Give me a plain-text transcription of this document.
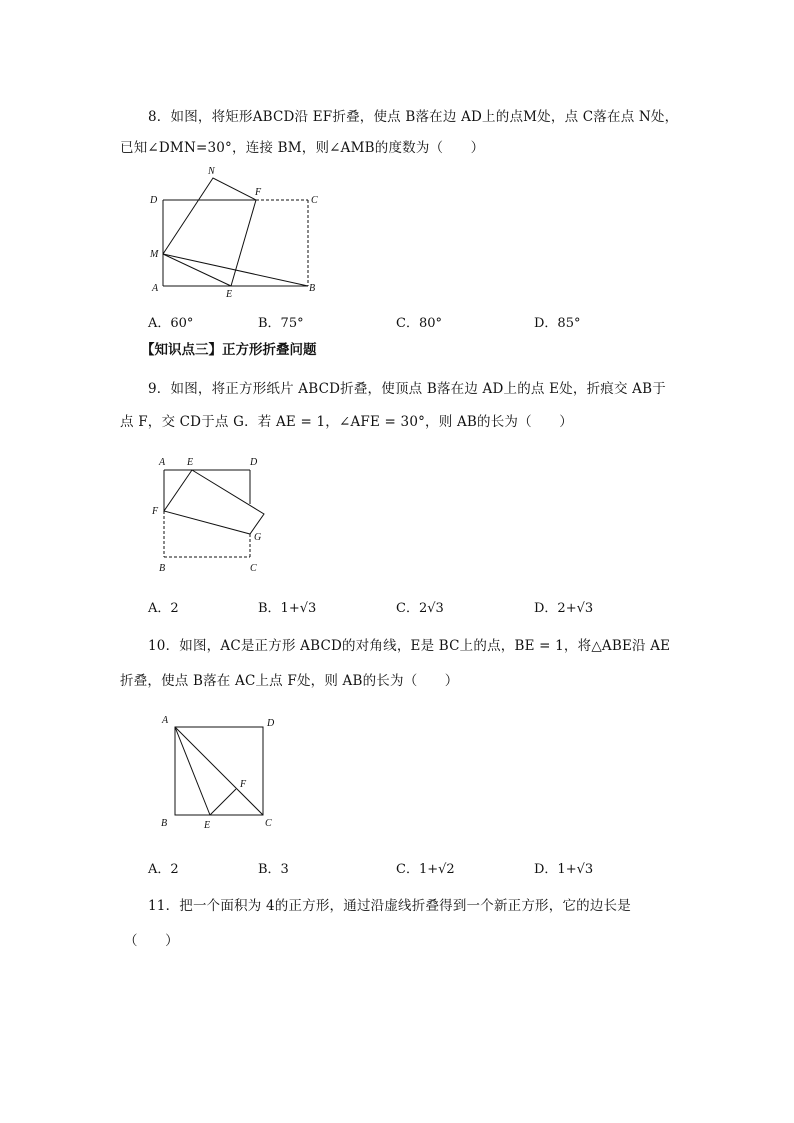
8．如图，将矩形ABCD沿 EF折叠，使点 B落在边 AD上的点M处，点 C落在点 N处，
已知∠DMN=30°，连接 BM，则∠AMB的度数为（　　）
N
F
D	C
M
A
E
B
A．60°	B．75°	C．80°	D．85°
【知识点三】正方形折叠问题
9．如图，将正方形纸片 ABCD折叠，使顶点 B落在边 AD上的点 E处，折痕交 AB于
点 F，交 CD于点 G．若 AE = 1，∠AFE = 30°，则 AB的长为（　　）
A E	D
F
G
B	C
A．2	B．1+√3	C．2√3	D．2+√3
10．如图，AC是正方形 ABCD的对角线，E是 BC上的点，BE = 1，将△ABE沿 AE
折叠，使点 B落在 AC上点 F处，则 AB的长为（　　）
A	D
F
B	E	C
A．2	B．3	C．1+√2	D．1+√3
11．把一个面积为 4的正方形，通过沿虚线折叠得到一个新正方形，它的边长是
（　　）
